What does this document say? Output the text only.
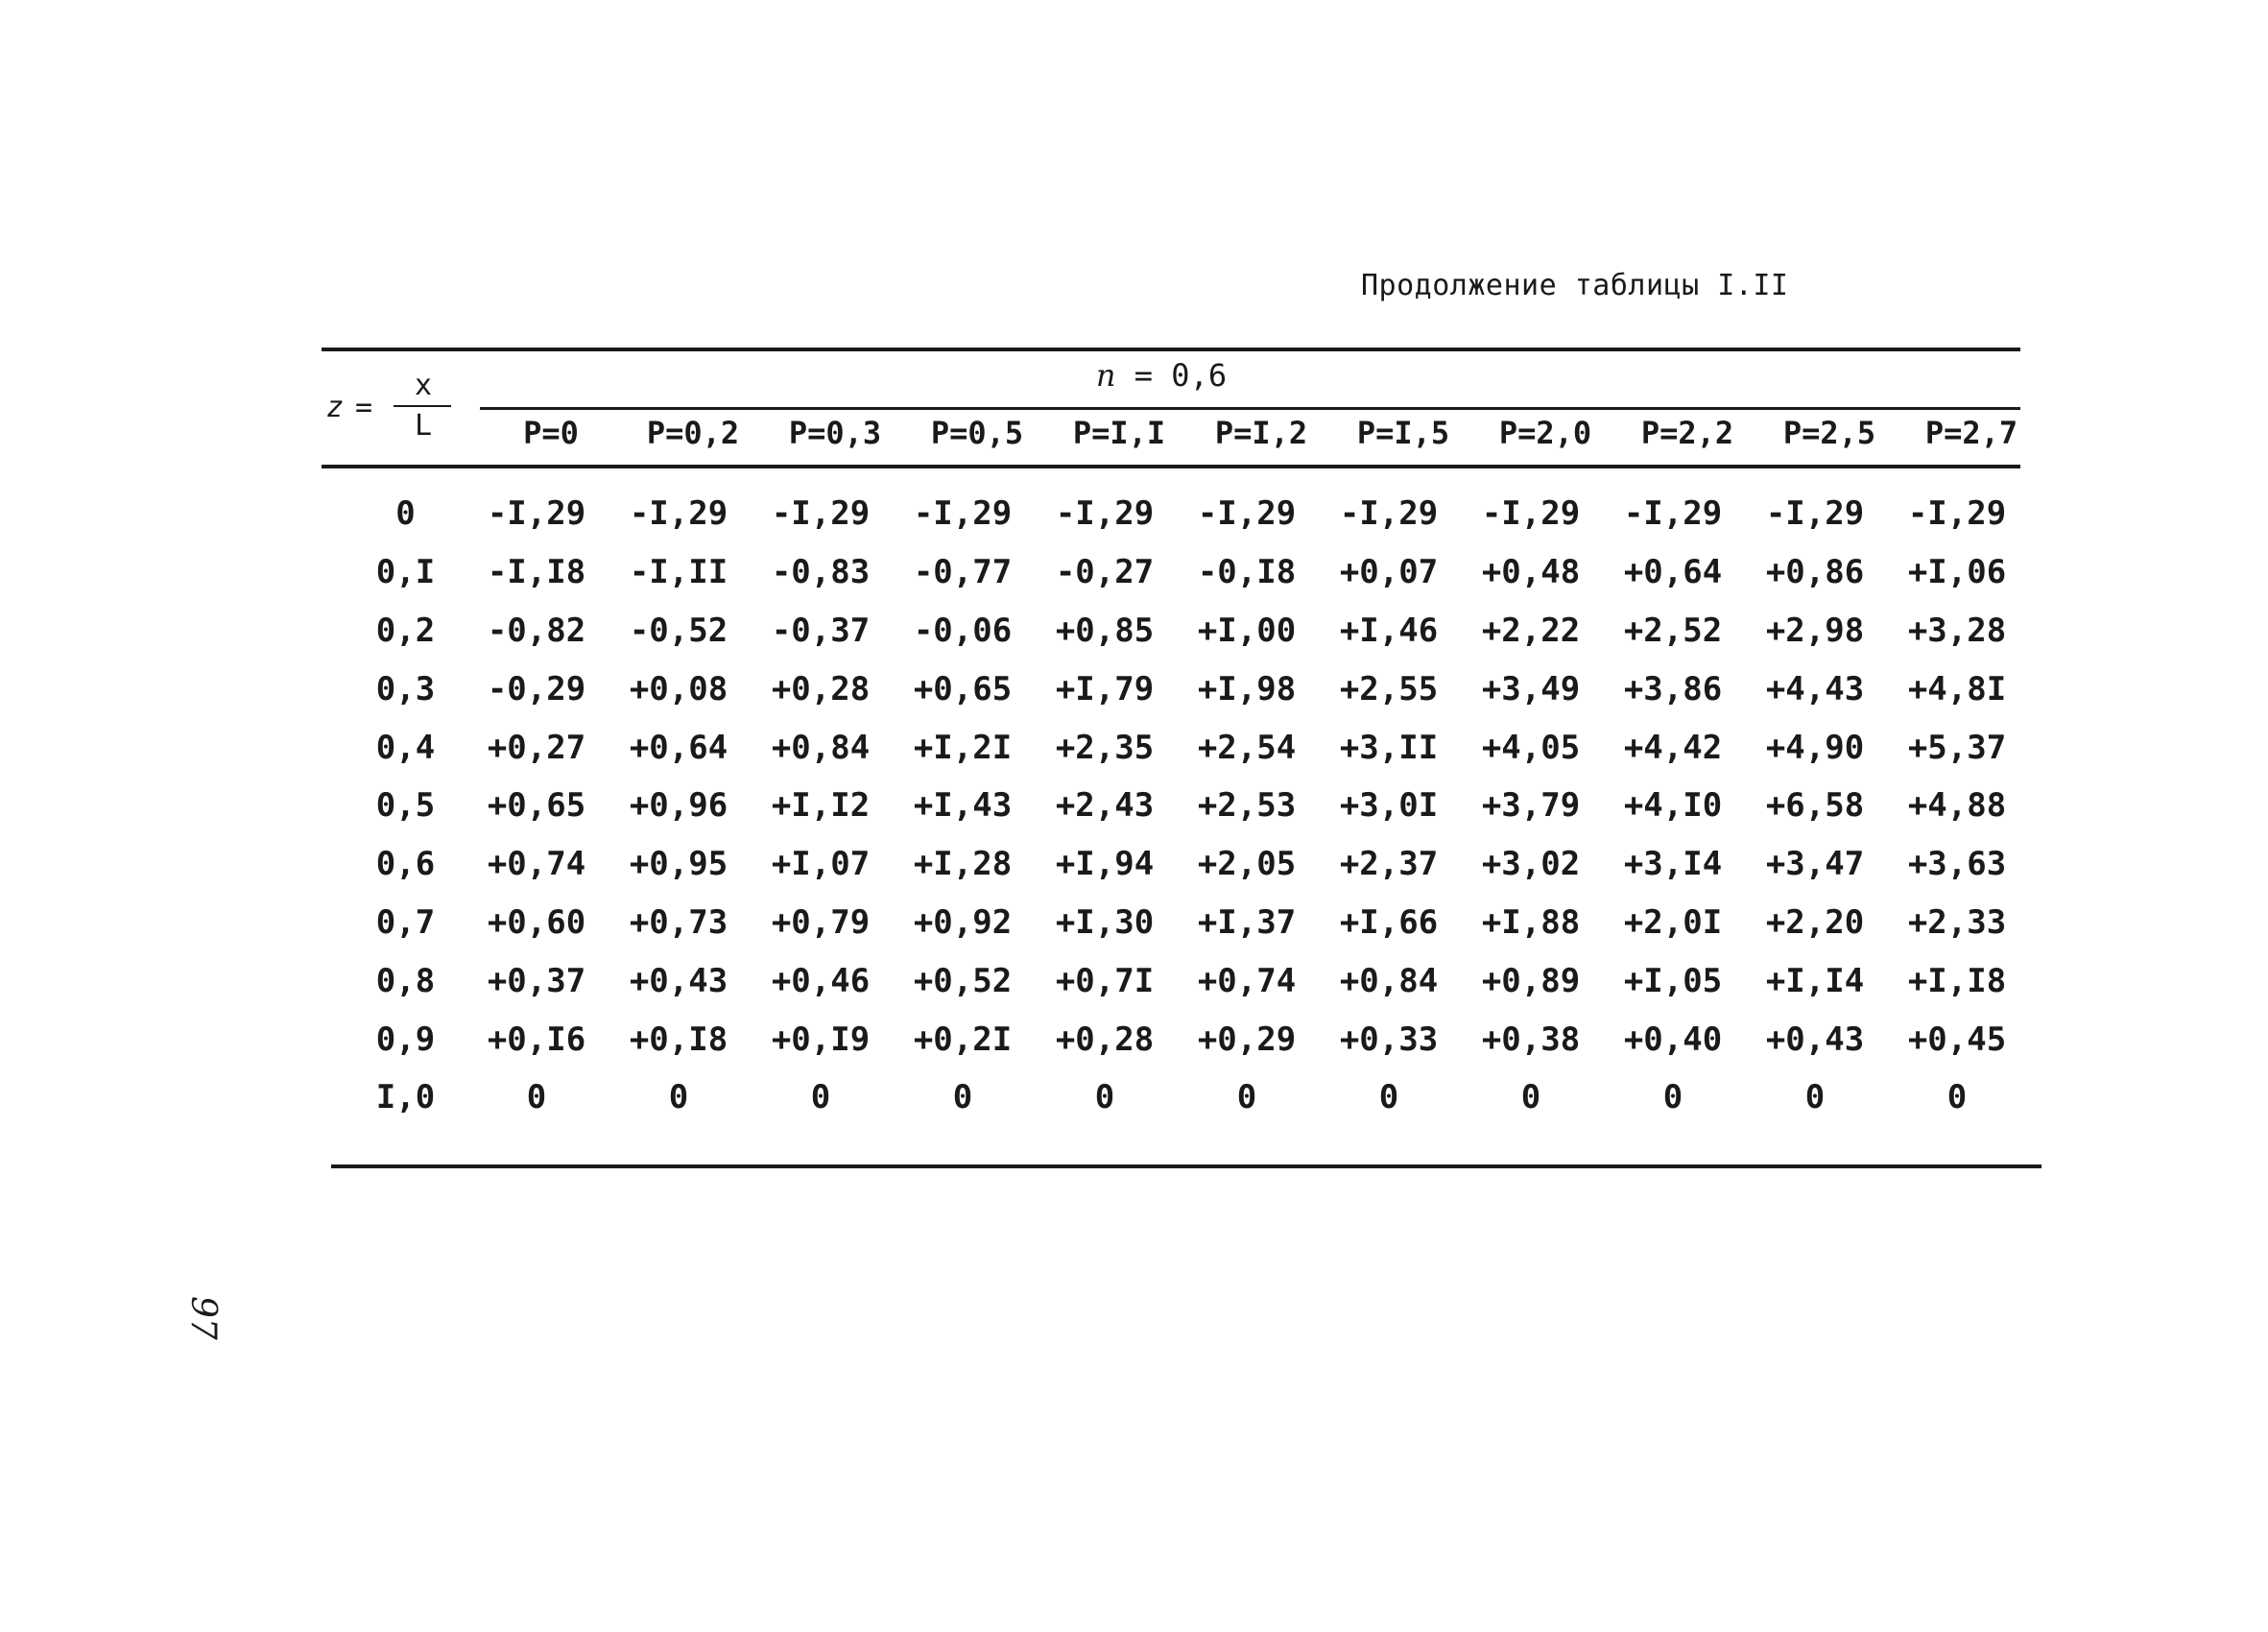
Продолжение таблицы I.II
z =
x
L
n = 0,6
P=0	P=0,2	P=0,3	P=0,5	P=I,I	P=I,2	P=I,5	P=2,0	P=2,2	P=2,5	P=2,7
0	-I,29	-I,29	-I,29	-I,29	-I,29	-I,29	-I,29	-I,29	-I,29	-I,29	-I,29
0,I	-I,I8	-I,II	-0,83	-0,77	-0,27	-0,I8	+0,07	+0,48	+0,64	+0,86	+I,06
0,2	-0,82	-0,52	-0,37	-0,06	+0,85	+I,00	+I,46	+2,22	+2,52	+2,98	+3,28
0,3	-0,29	+0,08	+0,28	+0,65	+I,79	+I,98	+2,55	+3,49	+3,86	+4,43	+4,8I
0,4	+0,27	+0,64	+0,84	+I,2I	+2,35	+2,54	+3,II	+4,05	+4,42	+4,90	+5,37
0,5	+0,65	+0,96	+I,I2	+I,43	+2,43	+2,53	+3,0I	+3,79	+4,I0	+6,58	+4,88
0,6	+0,74	+0,95	+I,07	+I,28	+I,94	+2,05	+2,37	+3,02	+3,I4	+3,47	+3,63
0,7	+0,60	+0,73	+0,79	+0,92	+I,30	+I,37	+I,66	+I,88	+2,0I	+2,20	+2,33
0,8	+0,37	+0,43	+0,46	+0,52	+0,7I	+0,74	+0,84	+0,89	+I,05	+I,I4	+I,I8
0,9	+0,I6	+0,I8	+0,I9	+0,2I	+0,28	+0,29	+0,33	+0,38	+0,40	+0,43	+0,45
I,0	0	0	0	0	0	0	0	0	0	0	0
97
